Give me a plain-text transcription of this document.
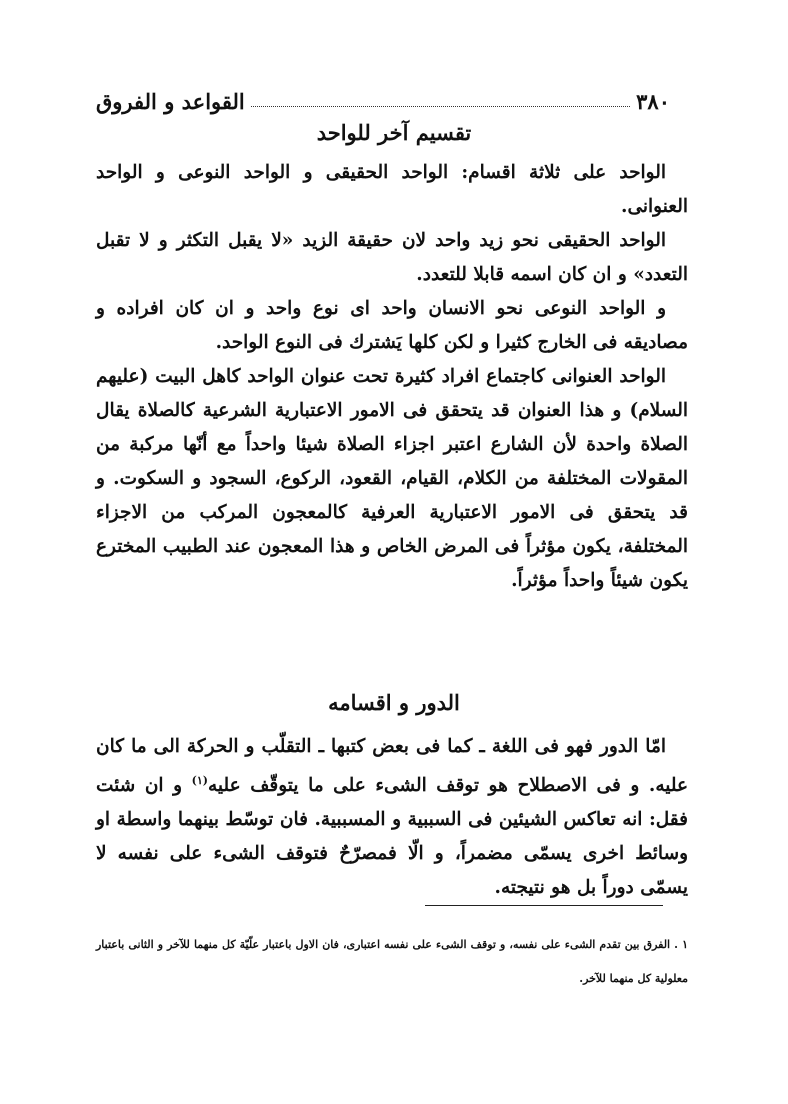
٣٨٠
القواعد و الفروق
تقسيم آخر للواحد

الواحد على ثلاثة اقسام: الواحد الحقيقى و الواحد النوعى و الواحد العنوانى.

الواحد الحقيقى نحو زيد واحد لان حقيقة الزيد «لا يقبل التكثر و لا تقبل التعدد» و ان كان اسمه قابلا للتعدد.

و الواحد النوعى نحو الانسان واحد اى نوع واحد و ان كان افراده و مصاديقه فى الخارج كثيرا و لكن كلها يَشترك فى النوع الواحد.

الواحد العنوانى كاجتماع افراد كثيرة تحت عنوان الواحد كاهل البيت (عليهم السلام) و هذا العنوان قد يتحقق فى الامور الاعتبارية الشرعية كالصلاة يقال الصلاة واحدة لأن الشارع اعتبر اجزاء الصلاة شيئا واحداً مع أنّها مركبة من المقولات المختلفة من الكلام، القيام، القعود، الركوع، السجود و السكوت. و قد يتحقق فى الامور الاعتبارية العرفية كالمعجون المركب من الاجزاء المختلفة، يكون مؤثراً فى المرض الخاص و هذا المعجون عند الطبيب المخترع يكون شيئاً واحداً مؤثراً.

الدور و اقسامه

امّا الدور فهو فى اللغة ـ كما فى بعض كتبها ـ التقلّب و الحركة الى ما كان عليه. و فى الاصطلاح هو توقف الشىء على ما يتوقّف عليه$^{(١)}$ و ان شئت فقل: انه تعاكس الشيئين فى السببية و المسببية. فان توسّط بينهما واسطة او وسائط اخرى يسمّى مضمراً، و الّا فمصرّحٌ فتوقف الشىء على نفسه لا يسمّى دوراً بل هو نتيجته.

١ . الفرق بين تقدم الشىء على نفسه، و توقف الشىء على نفسه اعتبارى، فان الاول باعتبار علّيّة كل منهما للآخر و الثانى باعتبار معلولية كل منهما للآخر.
